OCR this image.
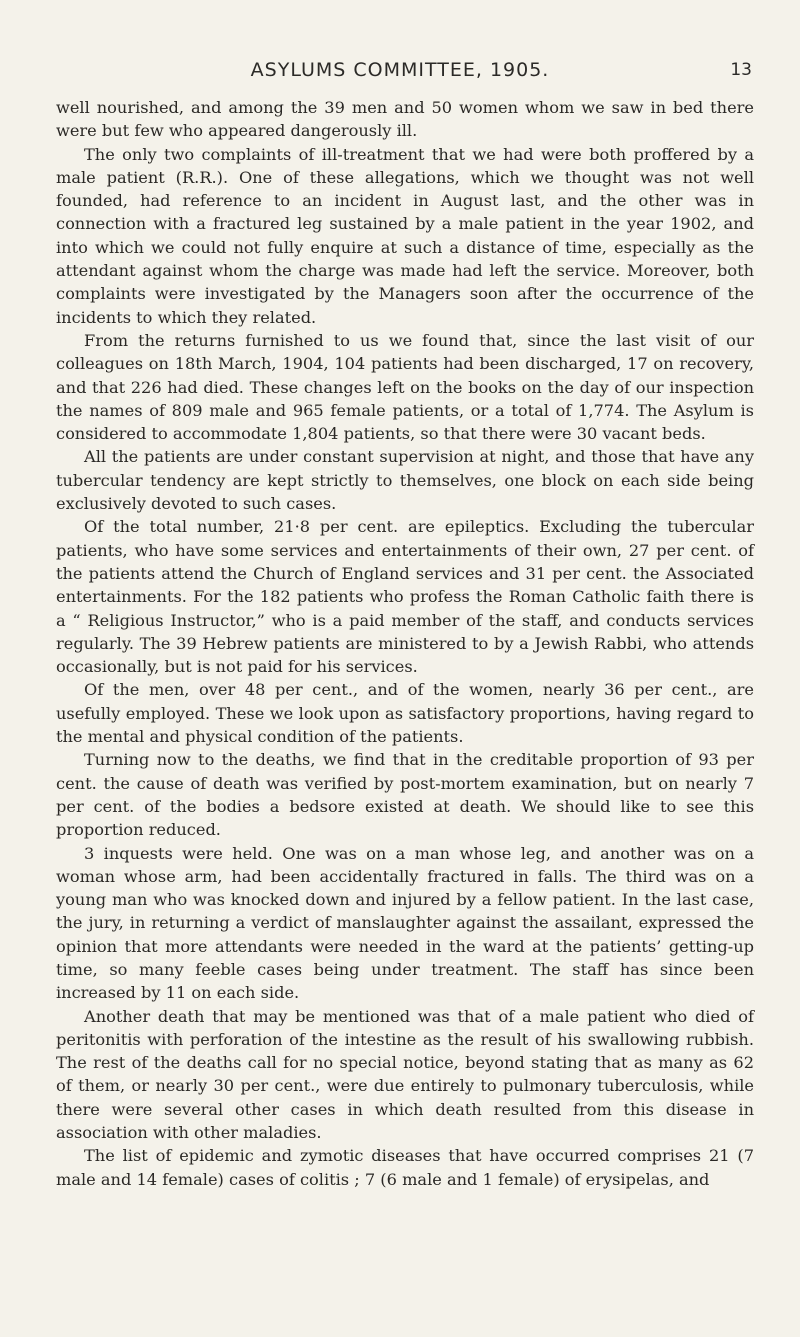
ASYLUMS COMMITTEE, 1905.	13

well nourished, and among the 39 men and 50 women whom we saw in bed there were but few who appeared dangerously ill.

The only two complaints of ill-treatment that we had were both proffered by a male patient (R.R.). One of these allegations, which we thought was not well founded, had reference to an incident in August last, and the other was in connection with a fractured leg sustained by a male patient in the year 1902, and into which we could not fully enquire at such a distance of time, especially as the attendant against whom the charge was made had left the service. Moreover, both complaints were investigated by the Managers soon after the occurrence of the incidents to which they related.

From the returns furnished to us we found that, since the last visit of our colleagues on 18th March, 1904, 104 patients had been discharged, 17 on recovery, and that 226 had died. These changes left on the books on the day of our inspection the names of 809 male and 965 female patients, or a total of 1,774. The Asylum is considered to accommodate 1,804 patients, so that there were 30 vacant beds.

All the patients are under constant supervision at night, and those that have any tubercular tendency are kept strictly to themselves, one block on each side being exclusively devoted to such cases.

Of the total number, 21·8 per cent. are epileptics. Excluding the tubercular patients, who have some services and entertainments of their own, 27 per cent. of the patients attend the Church of England services and 31 per cent. the Associated entertainments. For the 182 patients who profess the Roman Catholic faith there is a “ Religious Instructor,” who is a paid member of the staff, and conducts services regularly. The 39 Hebrew patients are ministered to by a Jewish Rabbi, who attends occasionally, but is not paid for his services.

Of the men, over 48 per cent., and of the women, nearly 36 per cent., are usefully employed. These we look upon as satisfactory proportions, having regard to the mental and physical condition of the patients.

Turning now to the deaths, we find that in the creditable proportion of 93 per cent. the cause of death was verified by post-mortem examination, but on nearly 7 per cent. of the bodies a bedsore existed at death. We should like to see this proportion reduced.

3 inquests were held. One was on a man whose leg, and another was on a woman whose arm, had been accidentally fractured in falls. The third was on a young man who was knocked down and injured by a fellow patient. In the last case, the jury, in returning a verdict of manslaughter against the assailant, expressed the opinion that more attendants were needed in the ward at the patients’ getting-up time, so many feeble cases being under treatment. The staff has since been increased by 11 on each side.

Another death that may be mentioned was that of a male patient who died of peritonitis with perforation of the intestine as the result of his swallowing rubbish. The rest of the deaths call for no special notice, beyond stating that as many as 62 of them, or nearly 30 per cent., were due entirely to pulmonary tuberculosis, while there were several other cases in which death resulted from this disease in association with other maladies.

The list of epidemic and zymotic diseases that have occurred comprises 21 (7 male and 14 female) cases of colitis ; 7 (6 male and 1 female) of erysipelas, and
